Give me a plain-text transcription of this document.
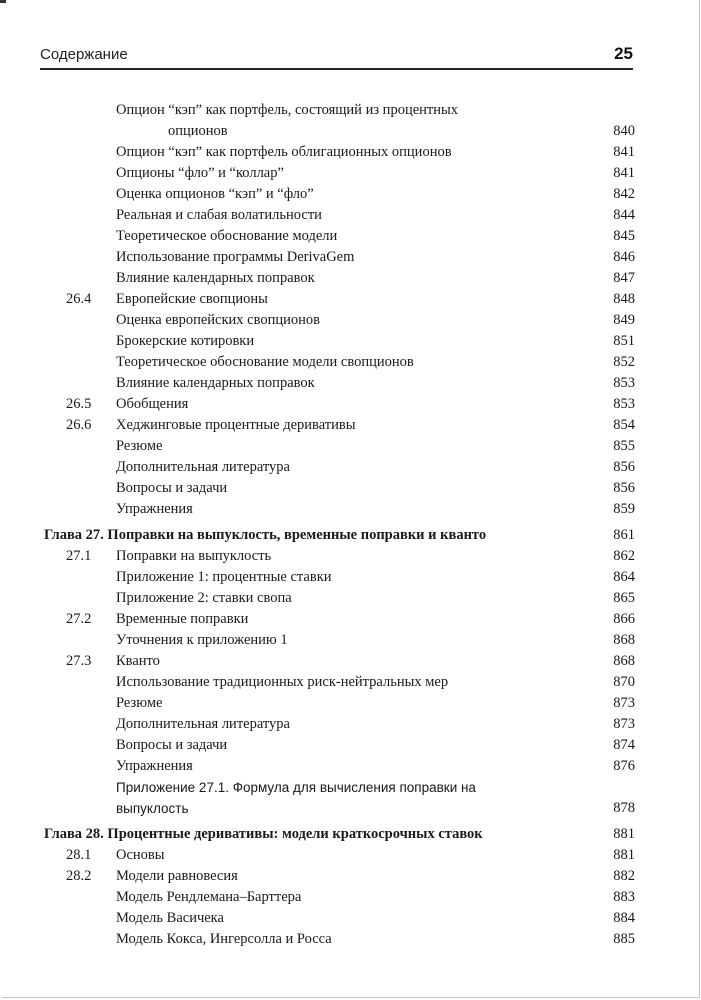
Содержание	25
Опцион “кэп” как портфель, состоящий из процентных
опционов	840
Опцион “кэп” как портфель облигационных опционов	841
Опционы “фло” и “коллар”	841
Оценка опционов “кэп” и “фло”	842
Реальная и слабая волатильности	844
Теоретическое обоснование модели	845
Использование программы DerivaGem	846
Влияние календарных поправок	847
26.4 Европейские свопционы	848
Оценка европейских свопционов	849
Брокерские котировки	851
Теоретическое обоснование модели свопционов	852
Влияние календарных поправок	853
26.5 Обобщения	853
26.6 Хеджинговые процентные деривативы	854
Резюме	855
Дополнительная литература	856
Вопросы и задачи	856
Упражнения	859
Глава 27. Поправки на выпуклость, временные поправки и кванто	861
27.1 Поправки на выпуклость	862
Приложение 1: процентные ставки	864
Приложение 2: ставки свопа	865
27.2 Временные поправки	866
Уточнения к приложению 1	868
27.3 Кванто	868
Использование традиционных риск-нейтральных мер	870
Резюме	873
Дополнительная литература	873
Вопросы и задачи	874
Упражнения	876
Приложение 27.1. Формула для вычисления поправки на
выпуклость	878
Глава 28. Процентные деривативы: модели краткосрочных ставок	881
28.1 Основы	881
28.2 Модели равновесия	882
Модель Рендлемана–Барттера	883
Модель Васичека	884
Модель Кокса, Ингерсолла и Росса	885
